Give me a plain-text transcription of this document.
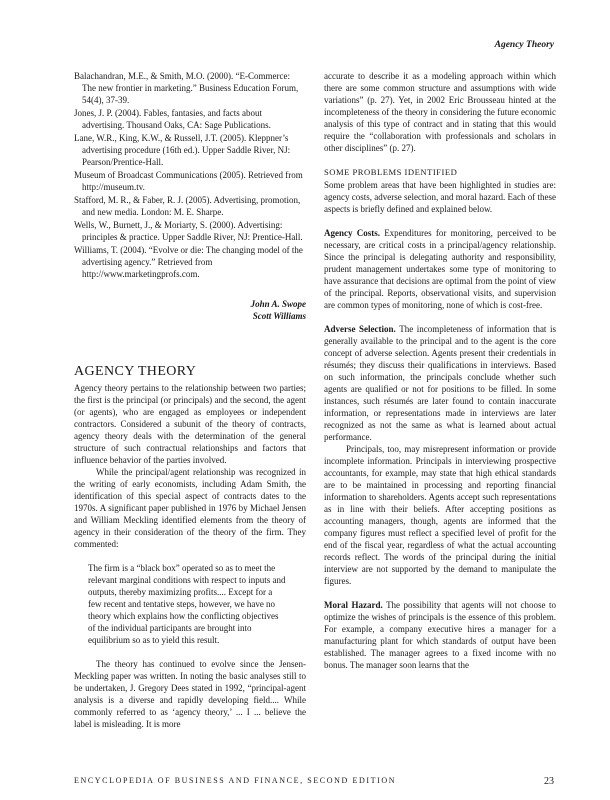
Agency Theory

Balachandran, M.E., & Smith, M.O. (2000). “E-Commerce: The new frontier in marketing.” Business Education Forum, 54(4), 37-39.

Jones, J. P. (2004). Fables, fantasies, and facts about advertising. Thousand Oaks, CA: Sage Publications.

Lane, W.R., King, K.W., & Russell, J.T. (2005). Kleppner’s advertising procedure (16th ed.). Upper Saddle River, NJ: Pearson/Prentice-Hall.

Museum of Broadcast Communications (2005). Retrieved from http://museum.tv.

Stafford, M. R., & Faber, R. J. (2005). Advertising, promotion, and new media. London: M. E. Sharpe.

Wells, W., Burnett, J., & Moriarty, S. (2000). Advertising: principles & practice. Upper Saddle River, NJ: Prentice-Hall.

Williams, T. (2004). “Evolve or die: The changing model of the advertising agency.” Retrieved from http://www.marketingprofs.com.

John A. Swope
Scott Williams
AGENCY THEORY

Agency theory pertains to the relationship between two parties; the first is the principal (or principals) and the second, the agent (or agents), who are engaged as employees or independent contractors. Considered a subunit of the theory of contracts, agency theory deals with the determination of the general structure of such contractual relationships and factors that influence behavior of the parties involved.

While the principal/agent relationship was recognized in the writing of early economists, including Adam Smith, the identification of this special aspect of contracts dates to the 1970s. A significant paper published in 1976 by Michael Jensen and William Meckling identified elements from the theory of agency in their consideration of the theory of the firm. They commented:

The firm is a “black box” operated so as to meet the relevant marginal conditions with respect to inputs and outputs, thereby maximizing profits.... Except for a few recent and tentative steps, however, we have no theory which explains how the conflicting objectives of the individual participants are brought into equilibrium so as to yield this result.

The theory has continued to evolve since the Jensen-Meckling paper was written. In noting the basic analyses still to be undertaken, J. Gregory Dees stated in 1992, “principal-agent analysis is a diverse and rapidly developing field.... While commonly referred to as ‘agency theory,’ ... I ... believe the label is misleading. It is more

accurate to describe it as a modeling approach within which there are some common structure and assumptions with wide variations” (p. 27). Yet, in 2002 Eric Brousseau hinted at the incompleteness of the theory in considering the future economic analysis of this type of contract and in stating that this would require the “collaboration with professionals and scholars in other disciplines” (p. 27).

SOME PROBLEMS IDENTIFIED

Some problem areas that have been highlighted in studies are: agency costs, adverse selection, and moral hazard. Each of these aspects is briefly defined and explained below.

Agency Costs. Expenditures for monitoring, perceived to be necessary, are critical costs in a principal/agency relationship. Since the principal is delegating authority and responsibility, prudent management undertakes some type of monitoring to have assurance that decisions are optimal from the point of view of the principal. Reports, observational visits, and supervision are common types of monitoring, none of which is cost-free.

Adverse Selection. The incompleteness of information that is generally available to the principal and to the agent is the core concept of adverse selection. Agents present their credentials in résumés; they discuss their qualifications in interviews. Based on such information, the principals conclude whether such agents are qualified or not for positions to be filled. In some instances, such résumés are later found to contain inaccurate information, or representations made in interviews are later recognized as not the same as what is learned about actual performance.

Principals, too, may misrepresent information or provide incomplete information. Principals in interviewing prospective accountants, for example, may state that high ethical standards are to be maintained in processing and reporting financial information to shareholders. Agents accept such representations as in line with their beliefs. After accepting positions as accounting managers, though, agents are informed that the company figures must reflect a specified level of profit for the end of the fiscal year, regardless of what the actual accounting records reflect. The words of the principal during the initial interview are not supported by the demand to manipulate the figures.

Moral Hazard. The possibility that agents will not choose to optimize the wishes of principals is the essence of this problem. For example, a company executive hires a manager for a manufacturing plant for which standards of output have been established. The manager agrees to a fixed income with no bonus. The manager soon learns that the

ENCYCLOPEDIA OF BUSINESS AND FINANCE, SECOND EDITION	23
